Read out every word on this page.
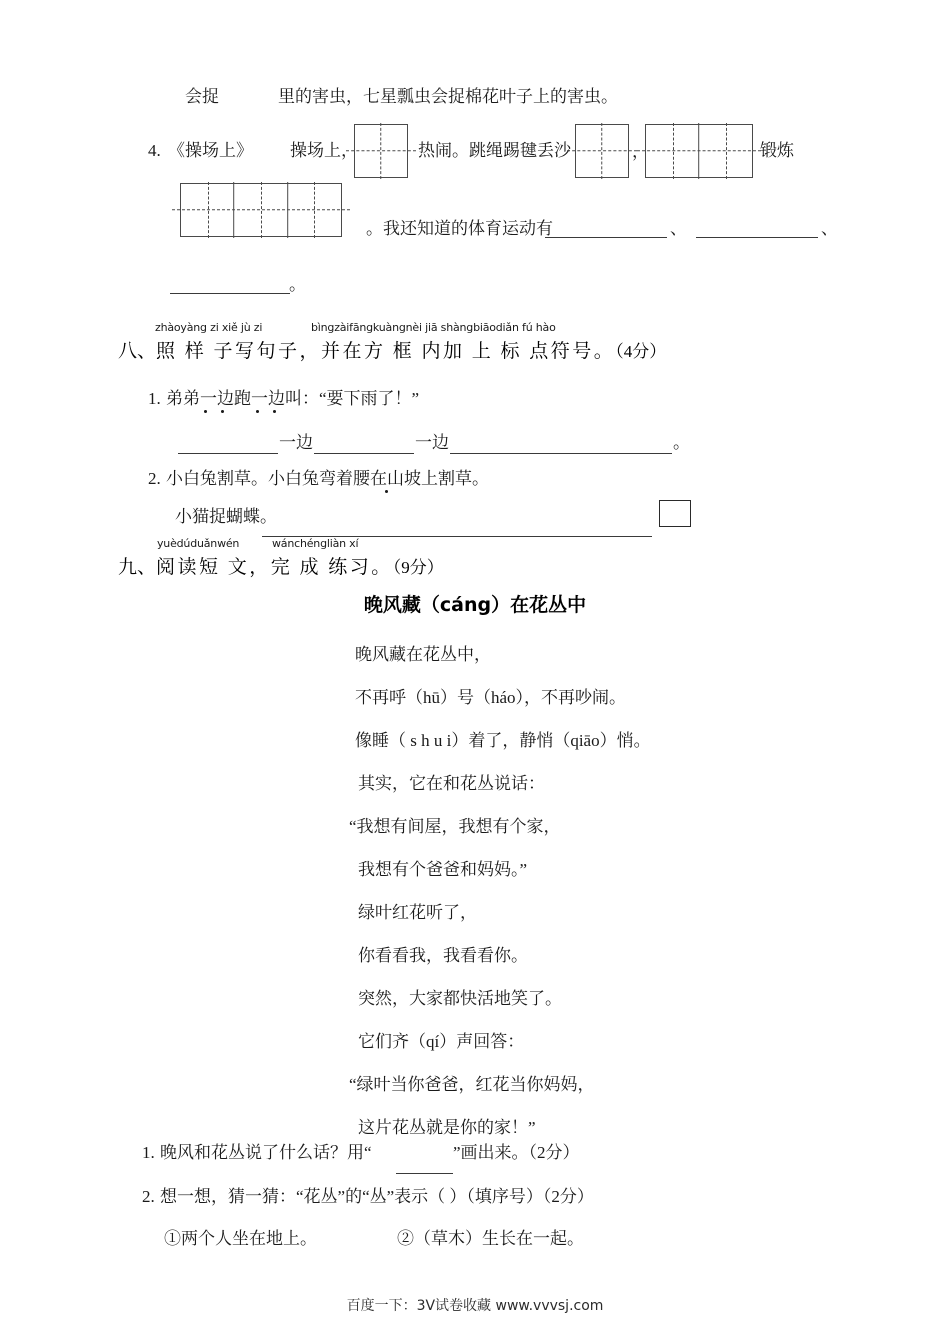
会捉	里的害虫，七星瓢虫会捉棉花叶子上的害虫。
4. 《操场上》 操场上，	热闹。跳绳踢毽丢沙	，	锻炼
。我还知道的体育运动有	、	、
。
zhàoyàng zi xiě jù zi	bìngzàifāngkuàngnèi jiā shàngbiāodiǎn fú hào
八、照 样 子写句子，并在方 框 内加 上 标 点符号。（4分）
1. 弟弟一边跑一边叫：“要下雨了！”
一边	一边	。
2. 小白兔割草。小白兔弯着腰在山坡上割草。
小猫捉蝴蝶。
yuèdúduǎnwén	wánchéngliàn xí
九、阅读短 文，完 成 练习。（9分）
晚风藏（cáng）在花丛中
晚风藏在花丛中，
不再呼（hū）号（háo），不再吵闹。
像睡（ s h u i）着了，静悄（qiāo）悄。
其实，它在和花丛说话：
“我想有间屋，我想有个家，
我想有个爸爸和妈妈。”
绿叶红花听了，
你看看我，我看看你。
突然，大家都快活地笑了。
它们齐（qí）声回答：
“绿叶当你爸爸，红花当你妈妈，
这片花丛就是你的家！”
1. 晚风和花丛说了什么话？用“	”画出来。（2分）
2. 想一想，猜一猜：“花丛”的“丛”表示（ ）（填序号）（2分）
①两个人坐在地上。	②（草木）生长在一起。
百度一下：3V试卷收藏 www.vvvsj.com
